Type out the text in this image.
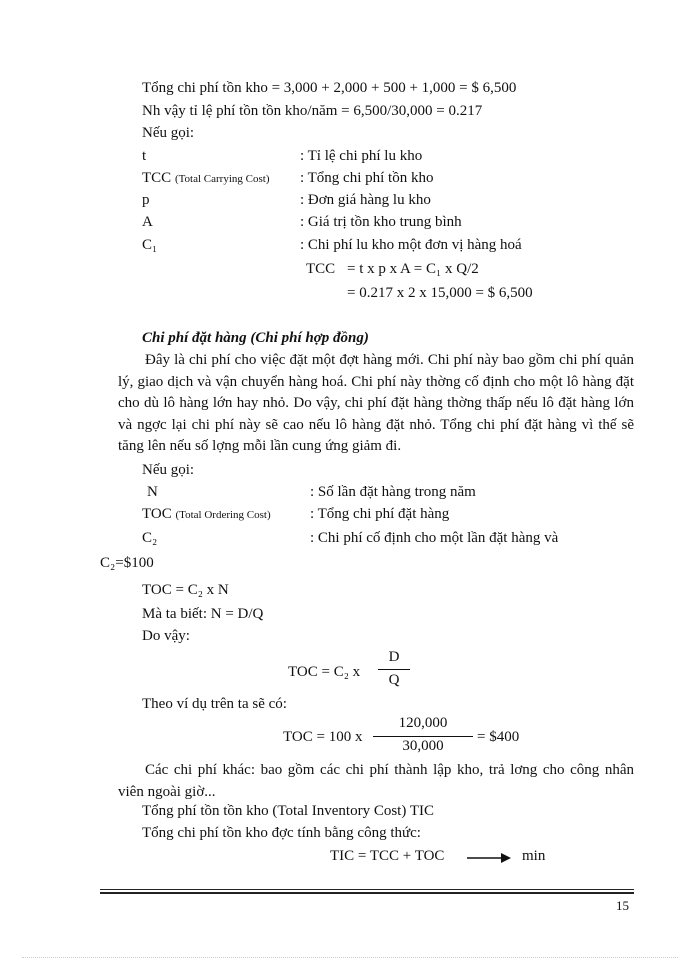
Tổng chi phí tồn kho = 3,000 + 2,000 + 500 + 1,000 = $ 6,500
Nh vậy tỉ lệ phí tồn tồn kho/năm = 6,500/30,000 = 0.217
Nếu gọi:
t	: Tỉ lệ chi phí lu kho
TCC (Total Carrying Cost) : Tổng chi phí tồn kho
p	: Đơn giá hàng lu kho
A	: Giá trị tồn kho trung bình
C₁	: Chi phí lu kho một đơn vị hàng hoá
TCC = t x p x A = C₁ x Q/2
= 0.217 x 2 x 15,000 = $ 6,500
Chi phí đặt hàng (Chi phí hợp đồng)
Đây là chi phí cho việc đặt một đợt hàng mới. Chi phí này bao gồm chi phí quản lý, giao dịch và vận chuyển hàng hoá. Chi phí này thờng cố định cho một lô hàng đặt cho dù lô hàng lớn hay nhỏ. Do vậy, chi phí đặt hàng thờng thấp nếu lô đặt hàng lớn và ngợc lại chi phí này sẽ cao nếu lô hàng đặt nhỏ. Tổng chi phí đặt hàng vì thế sẽ tăng lên nếu số lợng mỗi lần cung ứng giảm đi.
Nếu gọi:
N	: Số lần đặt hàng trong năm
TOC (Total Ordering Cost)	: Tổng chi phí đặt hàng
C₂	: Chi phí cố định cho một lần đặt hàng và
C₂=$100
TOC = C₂ x N
Mà ta biết: N = D/Q
Do vậy:
TOC = C₂ x
D
Q
Theo ví dụ trên ta sẽ có:
TOC = 100 x
120,000
30,000
= $400
Các chi phí khác: bao gồm các chi phí thành lập kho, trả lơng cho công nhân viên ngoài giờ...
Tổng phí tồn tồn kho (Total Inventory Cost) TIC
Tổng chi phí tồn kho đợc tính bằng công thức:
TIC = TCC + TOC	min
15
